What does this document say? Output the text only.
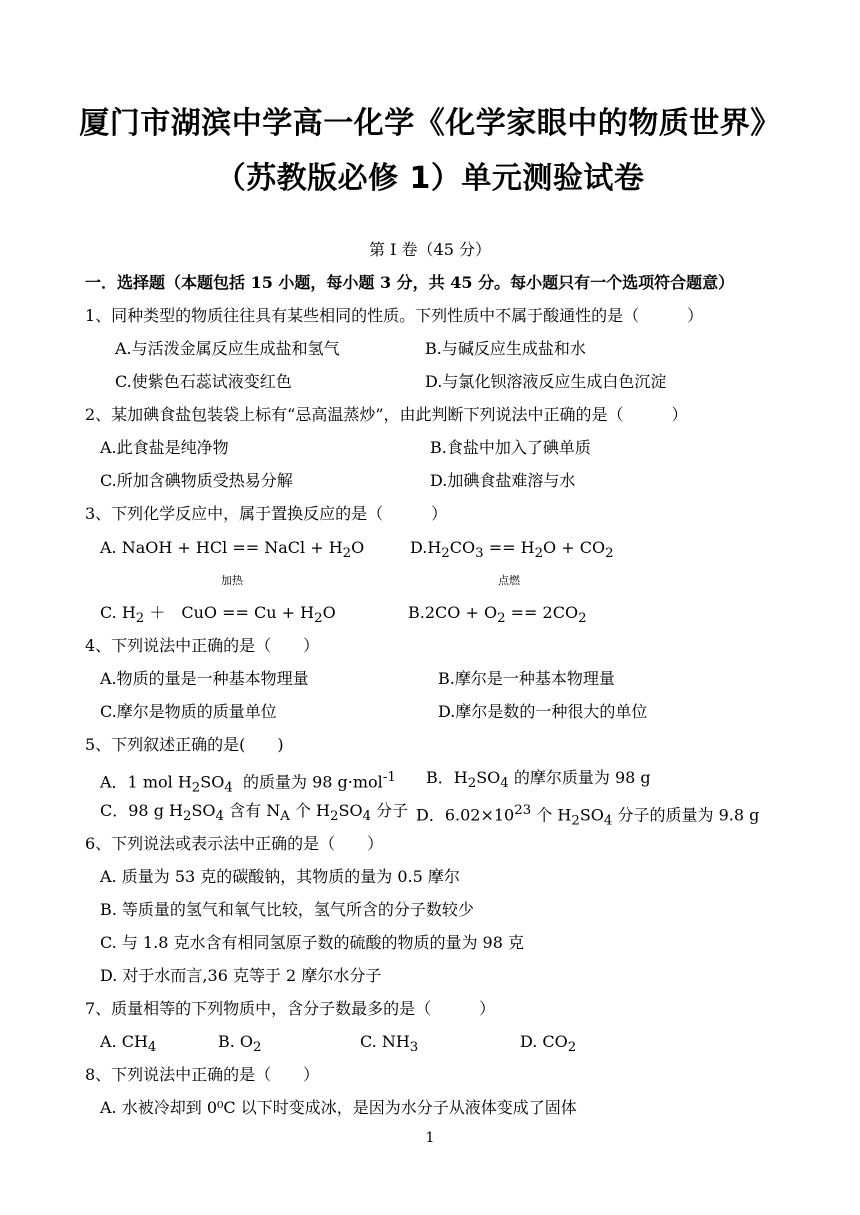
厦门市湖滨中学高一化学《化学家眼中的物质世界》
（苏教版必修 1）单元测验试卷
第 I 卷（45 分）
一．选择题（本题包括 15 小题，每小题 3 分，共 45 分。每小题只有一个选项符合题意）
1、同种类型的物质往往具有某些相同的性质。下列性质中不属于酸通性的是（　　　）
A.与活泼金属反应生成盐和氢气	B.与碱反应生成盐和水
C.使紫色石蕊试液变红色	D.与氯化钡溶液反应生成白色沉淀
2、某加碘食盐包装袋上标有“忌高温蒸炒”，由此判断下列说法中正确的是（　　　）
A.此食盐是纯净物	B.食盐中加入了碘单质
C.所加含碘物质受热易分解	D.加碘食盐难溶与水
3、下列化学反应中，属于置换反应的是（　　　）
A. NaOH + HCl == NaCl + $H_2O$	$D.H_2CO_3 == H_2O + CO_2$
加热	点燃
C. $H_2$ ＋　CuO == $Cu + H_2O$	$B.2CO + O_2 == 2CO_2$
4、下列说法中正确的是（　　）
A.物质的量是一种基本物理量	B.摩尔是一种基本物理量
C.摩尔是物质的质量单位	D.摩尔是数的一种很大的单位
5、下列叙述正确的是(　　)
A．1 mol $H_2SO_4$  的质量为 98 g·mol$^{-1}$ B．$H_2SO_4$ 的摩尔质量为 98 g
C．98 g $H_2SO_4$ 含有 $N_A$ 个 $H_2SO_4$ 分子 D．$6.02\times 10^{23}$ 个 $H_2SO_4$ 分子的质量为 9.8 g
6、下列说法或表示法中正确的是（　　）
A. 质量为 53 克的碳酸钠，其物质的量为 0.5 摩尔
B. 等质量的氢气和氧气比较，氢气所含的分子数较少
C. 与 1.8 克水含有相同氢原子数的硫酸的物质的量为 98 克
D. 对于水而言,36 克等于 2 摩尔水分子
7、质量相等的下列物质中，含分子数最多的是（　　　）
A. $CH_4$	B. $O_2$	C. $NH_3$	D. $CO_2$
8、下列说法中正确的是（　　）
A. 水被冷却到 0⁰C 以下时变成冰，是因为水分子从液体变成了固体
1
